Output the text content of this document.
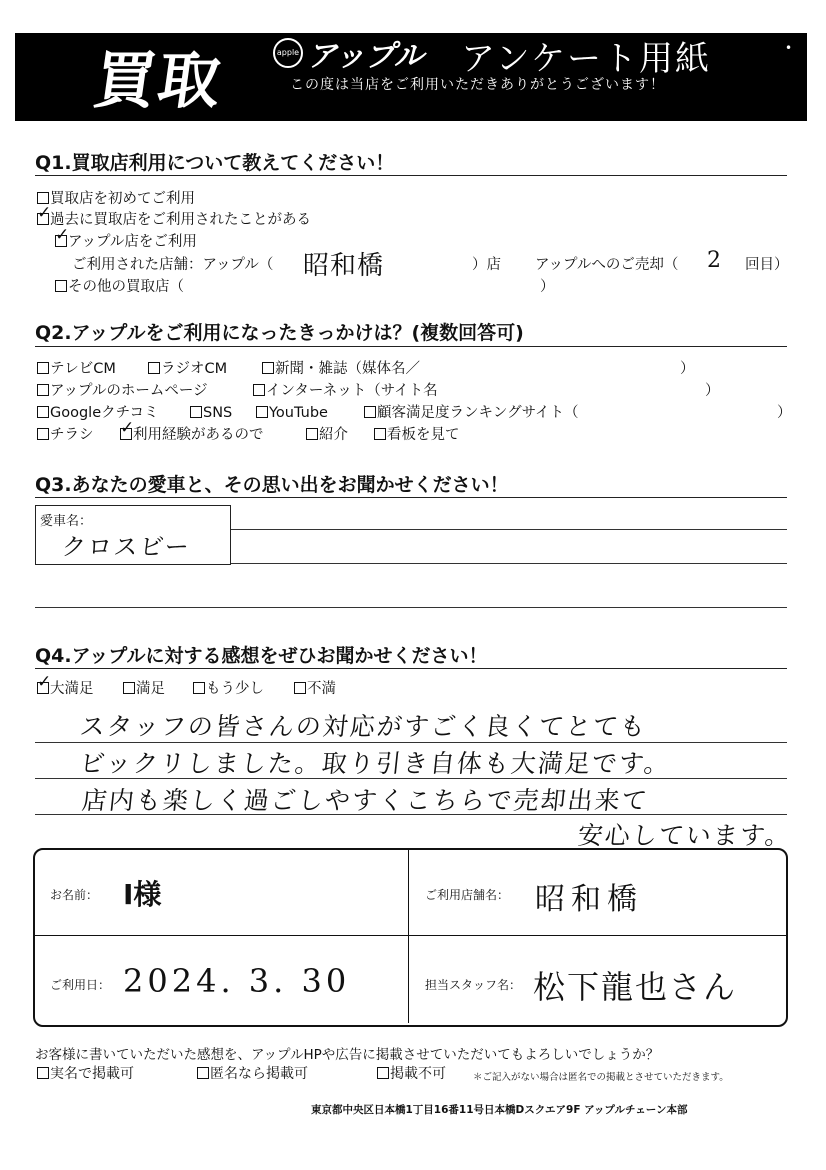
買取	apple アップル アンケート用紙
この度は当店をご利用いただきありがとうございます！
•
Q1.買取店利用について教えてください！
買取店を初めてご利用
✓過去に買取店をご利用されたことがある
✓アップル店をご利用
ご利用された店舗：アップル（ 昭和橋	）店 アップルへのご売却（ 2 回目）
その他の買取店（	）
Q2.アップルをご利用になったきっかけは？(複数回答可)
テレビCM	ラジオCM	新聞・雑誌（媒体名／	）
アップルのホームページ	インターネット（サイト名	）
Googleクチコミ	SNS	YouTube	顧客満足度ランキングサイト（	）
チラシ
✓	利用経験があるので	紹介	看板を見て
Q3.あなたの愛車と、その思い出をお聞かせください！
愛車名：
クロスビー
Q4.アップルに対する感想をぜひお聞かせください！
✓大満足	満足	もう少し	不満
スタッフの皆さんの対応がすごく良くてとても
ビックリしました。取り引き自体も大満足です。
店内も楽しく過ごしやすくこちらで売却出来て
安心しています。
お名前： I様	ご利用店舗名： 昭和橋
ご利用日： 2024. 3. 30	担当スタッフ名： 松下龍也さん
お客様に書いていただいた感想を、アップルHPや広告に掲載させていただいてもよろしいでしょうか？
実名で掲載可	匿名なら掲載可	掲載不可	＊ご記入がない場合は匿名での掲載とさせていただきます。
東京都中央区日本橋1丁目16番11号日本橋Dスクエア9F アップルチェーン本部
